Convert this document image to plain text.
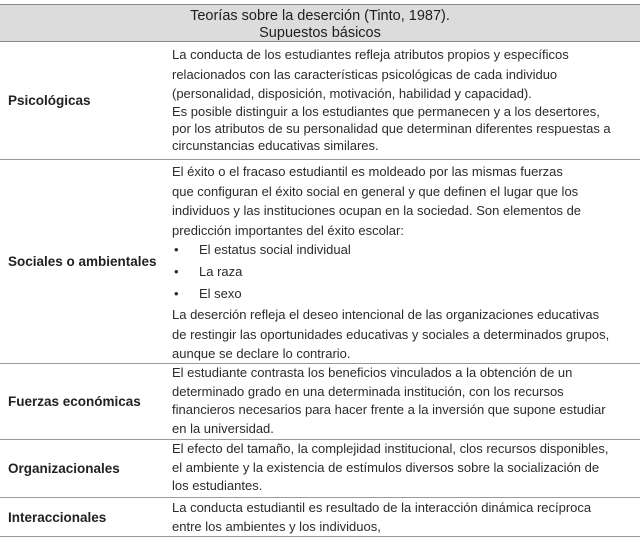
Teorías sobre la deserción (Tinto, 1987).
Supuestos básicos
Psicológicas
La conducta de los estudiantes refleja atributos propios y específicos
relacionados con las características psicológicas de cada individuo
(personalidad, disposición, motivación, habilidad y capacidad).
Es posible distinguir a los estudiantes que permanecen y a los desertores,
por los atributos de su personalidad que determinan diferentes respuestas a
circunstancias educativas similares.
Sociales o ambientales
El éxito o el fracaso estudiantil es moldeado por las mismas fuerzas
que configuran el éxito social en general y que definen el lugar que los
individuos y las instituciones ocupan en la sociedad. Son elementos de
predicción importantes del éxito escolar:
• El estatus social individual
• La raza
• El sexo
La deserción refleja el deseo intencional de las organizaciones educativas
de restingir las oportunidades educativas y sociales a determinados grupos,
aunque se declare lo contrario.
Fuerzas económicas
El estudiante contrasta los beneficios vinculados a la obtención de un
determinado grado en una determinada institución, con los recursos
financieros necesarios para hacer frente a la inversión que supone estudiar
en la universidad.
Organizacionales
El efecto del tamaño, la complejidad institucional, clos recursos disponibles,
el ambiente y la existencia de estímulos diversos sobre la socialización de
los estudiantes.
Interaccionales
La conducta estudiantil es resultado de la interacción dinámica recíproca
entre los ambientes y los individuos,
